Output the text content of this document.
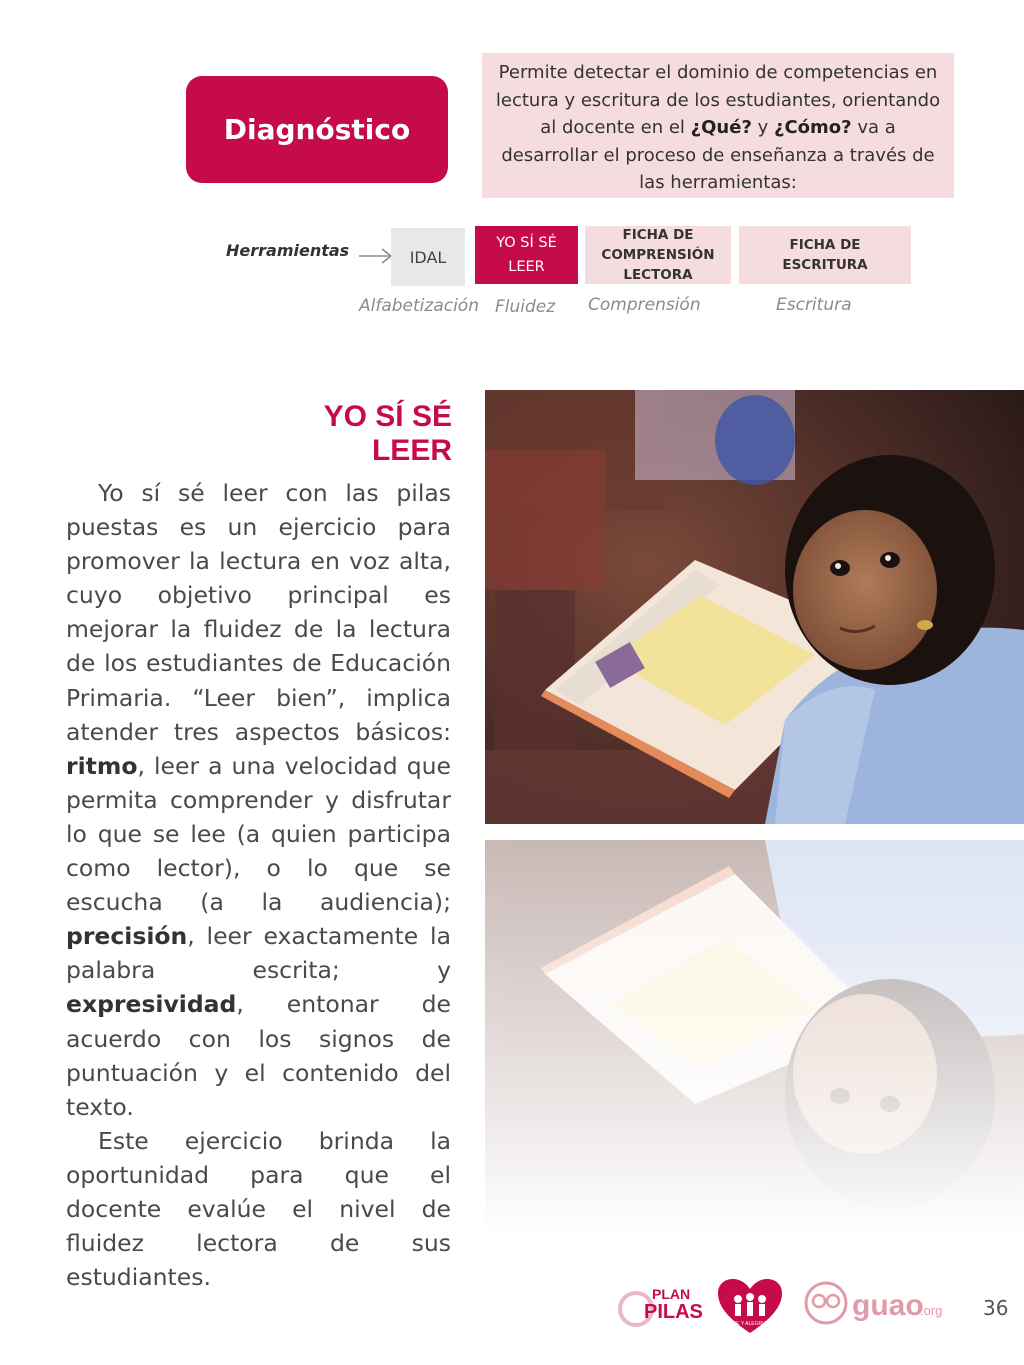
Diagnóstico
Permite detectar el dominio de competencias en lectura y escritura de los estudiantes, orientando al docente en el ¿Qué? y ¿Cómo? va a desarrollar el proceso de enseñanza a través de las herramientas:
Herramientas	IDAL
YO SÍ SÉ
LEER
FICHA DE
COMPRENSIÓN
LECTORA
FICHA DE
ESCRITURA
Alfabetización Fluidez Comprensión	Escritura
YO SÍ SÉ LEER

Yo sí sé leer con las pilas puestas es un ejercicio para promover la lectura en voz alta, cuyo objetivo principal es mejorar la fluidez de la lectura de los estudiantes de Educación Primaria. “Leer bien”, implica atender tres aspectos básicos: ritmo, leer a una velocidad que permita comprender y disfrutar lo que se lee (a quien participa como lector), o lo que se escucha (a la audiencia); precisión, leer exactamente la palabra escrita; y expresividad, entonar de acuerdo con los signos de puntuación y el contenido del texto.

Este ejercicio brinda la oportunidad para que el docente evalúe el nivel de fluidez lectora de sus estudiantes.

PLAN
PILAS
FE Y ALEGRIA
guao
.org 36
